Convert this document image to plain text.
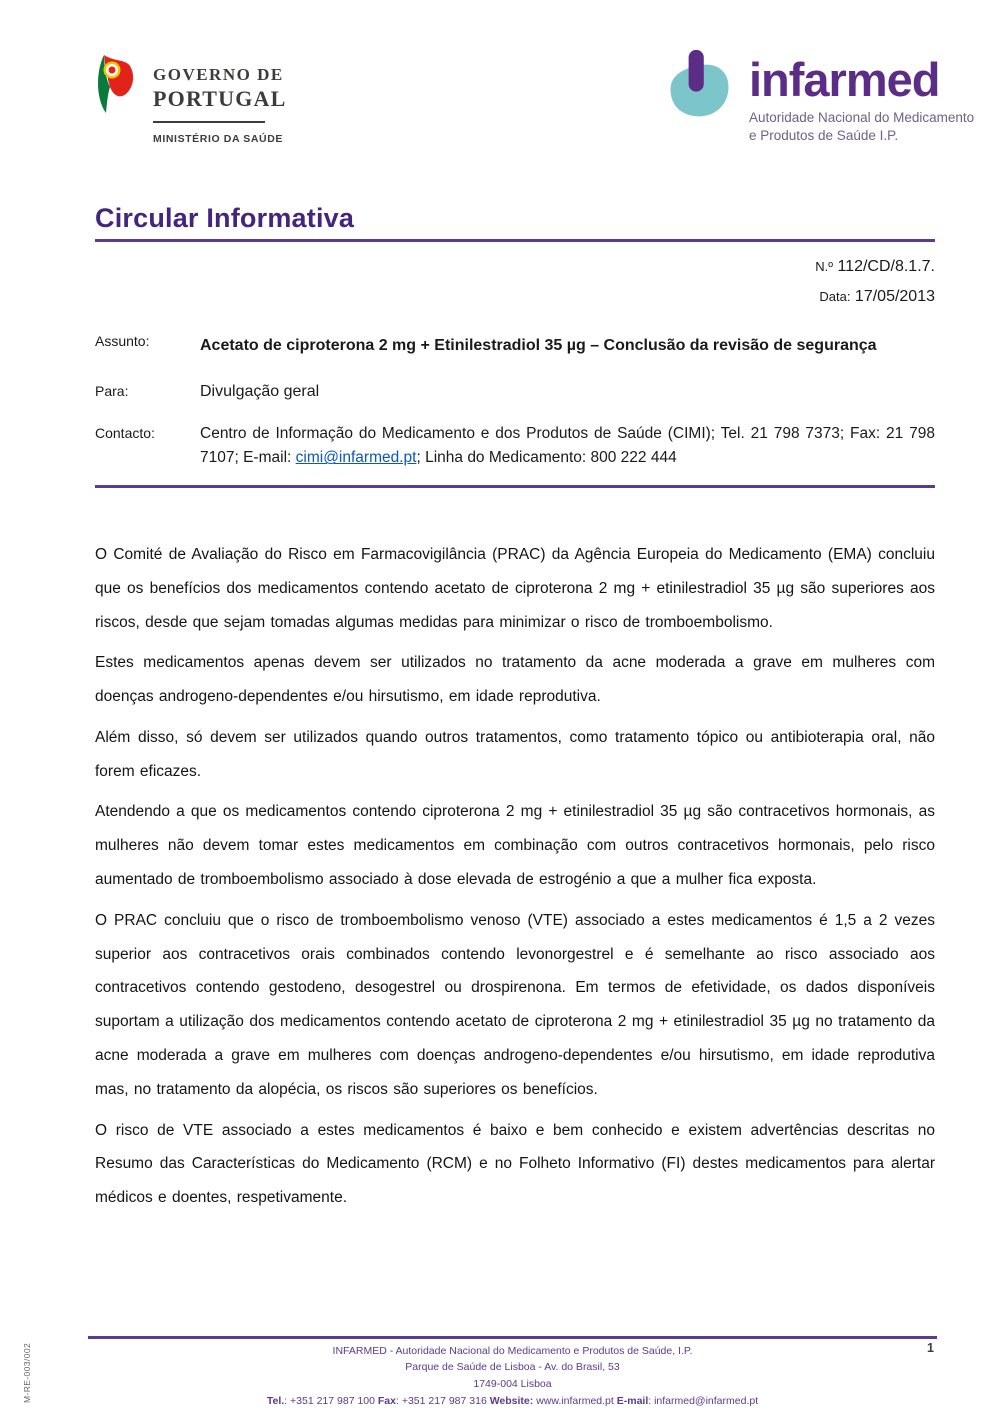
GOVERNO DE
PORTUGAL
MINISTÉRIO DA SAÚDE
infarmed
Autoridade Nacional do Medicamento
e Produtos de Saúde I.P.
Circular Informativa
N.º 112/CD/8.1.7.
Data: 17/05/2013
Assunto:	Acetato de ciproterona 2 mg + Etinilestradiol 35 µg – Conclusão da revisão de segurança
Para:	Divulgação geral
Contacto:	Centro de Informação do Medicamento e dos Produtos de Saúde (CIMI); Tel. 21 798 7373; Fax: 21 798 7107; E-mail: cimi@infarmed.pt; Linha do Medicamento: 800 222 444

O Comité de Avaliação do Risco em Farmacovigilância (PRAC) da Agência Europeia do Medicamento (EMA) concluiu que os benefícios dos medicamentos contendo acetato de ciproterona 2 mg + etinilestradiol 35 µg são superiores aos riscos, desde que sejam tomadas algumas medidas para minimizar o risco de tromboembolismo.

Estes medicamentos apenas devem ser utilizados no tratamento da acne moderada a grave em mulheres com doenças androgeno-dependentes e/ou hirsutismo, em idade reprodutiva.

Além disso, só devem ser utilizados quando outros tratamentos, como tratamento tópico ou antibioterapia oral, não forem eficazes.

Atendendo a que os medicamentos contendo ciproterona 2 mg + etinilestradiol 35 µg são contracetivos hormonais, as mulheres não devem tomar estes medicamentos em combinação com outros contracetivos hormonais, pelo risco aumentado de tromboembolismo associado à dose elevada de estrogénio a que a mulher fica exposta.

O PRAC concluiu que o risco de tromboembolismo venoso (VTE) associado a estes medicamentos é 1,5 a 2 vezes superior aos contracetivos orais combinados contendo levonorgestrel e é semelhante ao risco associado aos contracetivos contendo gestodeno, desogestrel ou drospirenona. Em termos de efetividade, os dados disponíveis suportam a utilização dos medicamentos contendo acetato de ciproterona 2 mg + etinilestradiol 35 µg no tratamento da acne moderada a grave em mulheres com doenças androgeno-dependentes e/ou hirsutismo, em idade reprodutiva mas, no tratamento da alopécia, os riscos são superiores os benefícios.

O risco de VTE associado a estes medicamentos é baixo e bem conhecido e existem advertências descritas no Resumo das Características do Medicamento (RCM) e no Folheto Informativo (FI) destes medicamentos para alertar médicos e doentes, respetivamente.

INFARMED - Autoridade Nacional do Medicamento e Produtos de Saúde, I.P.
Parque de Saúde de Lisboa - Av. do Brasil, 53
1749-004 Lisboa
Tel.: +351 217 987 100 Fax: +351 217 987 316 Website: www.infarmed.pt E-mail: infarmed@infarmed.pt
1
M-RE-003/002
